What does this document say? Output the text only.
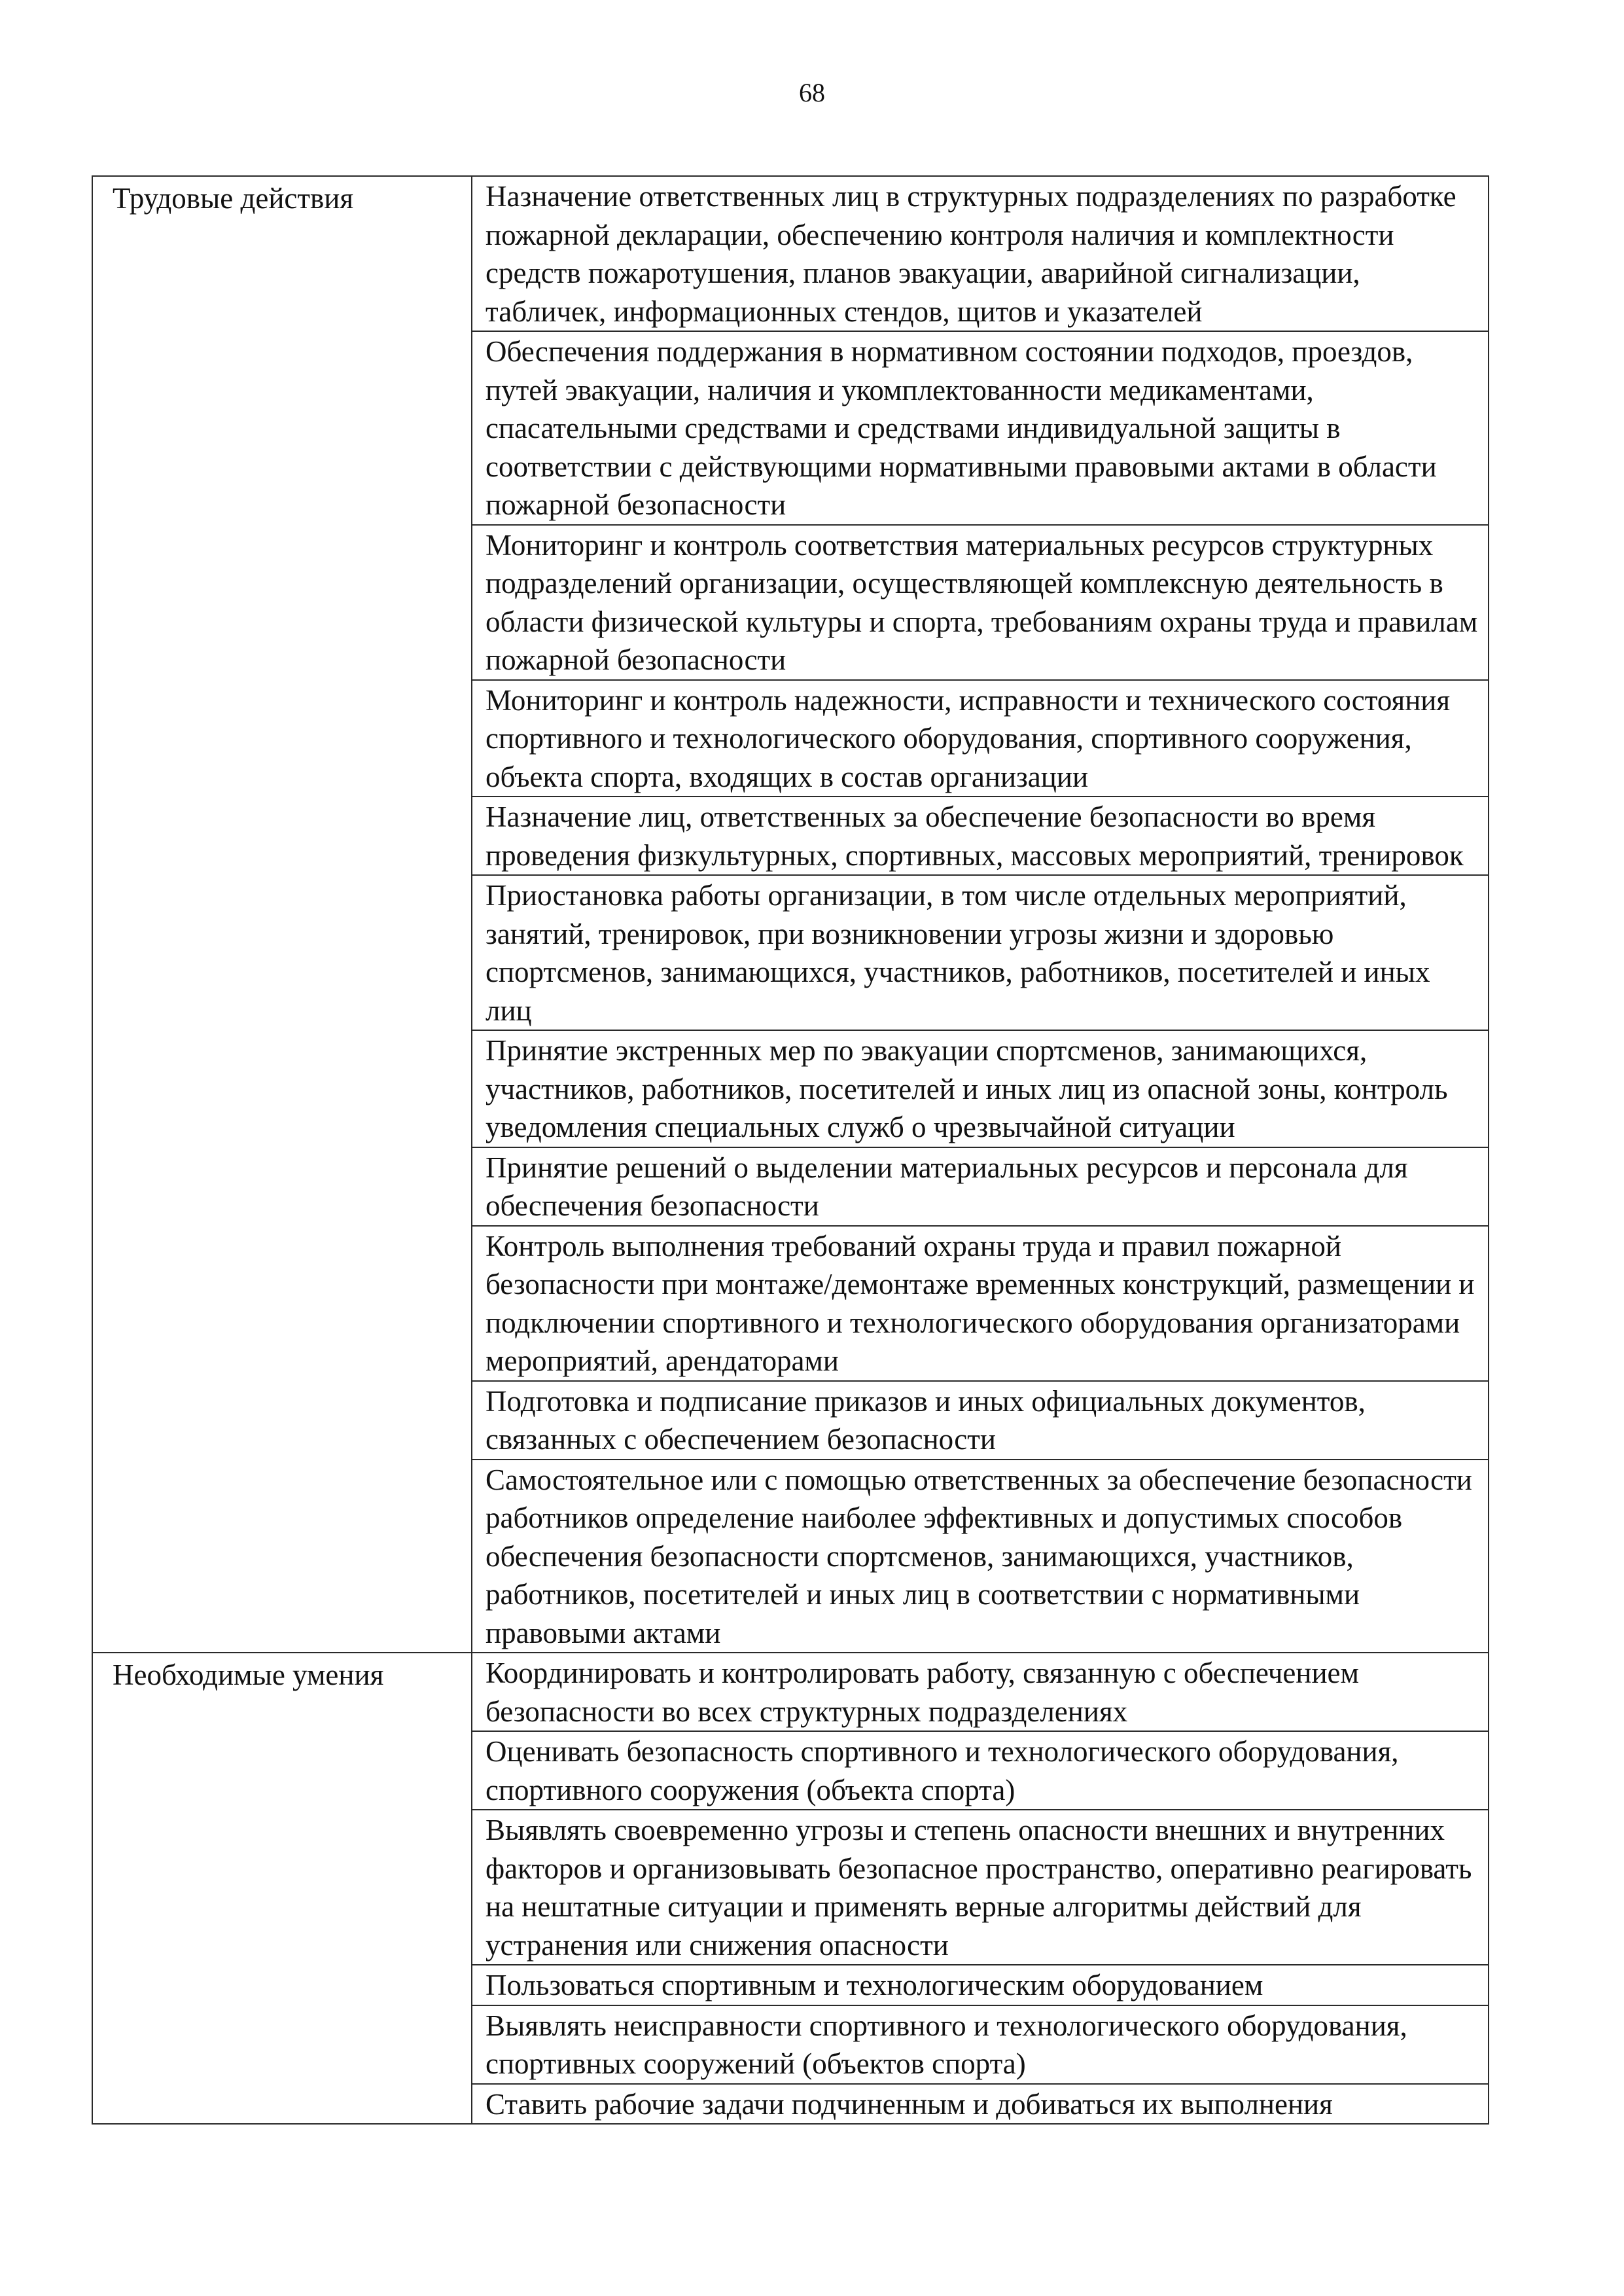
68
Трудовые действия	Назначение ответственных лиц в структурных подразделениях по разработке пожарной декларации, обеспечению контроля наличия и комплектности средств пожаротушения, планов эвакуации, аварийной сигнализации, табличек, информационных стендов, щитов и указателей
	Обеспечения поддержания в нормативном состоянии подходов, проездов, путей эвакуации, наличия и укомплектованности медикаментами, спасательными средствами и средствами индивидуальной защиты в соответствии с действующими нормативными правовыми актами в области пожарной безопасности
	Мониторинг и контроль соответствия материальных ресурсов структурных подразделений организации, осуществляющей комплексную деятельность в области физической культуры и спорта, требованиям охраны труда и правилам пожарной безопасности
	Мониторинг и контроль надежности, исправности и технического состояния спортивного и технологического оборудования, спортивного сооружения, объекта спорта, входящих в состав организации
	Назначение лиц, ответственных за обеспечение безопасности во время проведения физкультурных, спортивных, массовых мероприятий, тренировок
	Приостановка работы организации, в том числе отдельных мероприятий, занятий, тренировок, при возникновении угрозы жизни и здоровью спортсменов, занимающихся, участников, работников, посетителей и иных лиц
	Принятие экстренных мер по эвакуации спортсменов, занимающихся, участников, работников, посетителей и иных лиц из опасной зоны, контроль уведомления специальных служб о чрезвычайной ситуации
	Принятие решений о выделении материальных ресурсов и персонала для обеспечения безопасности
	Контроль выполнения требований охраны труда и правил пожарной безопасности при монтаже/демонтаже временных конструкций, размещении и подключении спортивного и технологического оборудования организаторами мероприятий, арендаторами
	Подготовка и подписание приказов и иных официальных документов, связанных с обеспечением безопасности
	Самостоятельное или с помощью ответственных за обеспечение безопасности работников определение наиболее эффективных и допустимых способов обеспечения безопасности спортсменов, занимающихся, участников, работников, посетителей и иных лиц в соответствии с нормативными правовыми актами
Необходимые умения	Координировать и контролировать работу, связанную с обеспечением безопасности во всех структурных подразделениях
	Оценивать безопасность спортивного и технологического оборудования, спортивного сооружения (объекта спорта)
	Выявлять своевременно угрозы и степень опасности внешних и внутренних факторов и организовывать безопасное пространство, оперативно реагировать на нештатные ситуации и применять верные алгоритмы действий для устранения или снижения опасности
	Пользоваться спортивным и технологическим оборудованием
	Выявлять неисправности спортивного и технологического оборудования, спортивных сооружений (объектов спорта)
	Ставить рабочие задачи подчиненным и добиваться их выполнения
